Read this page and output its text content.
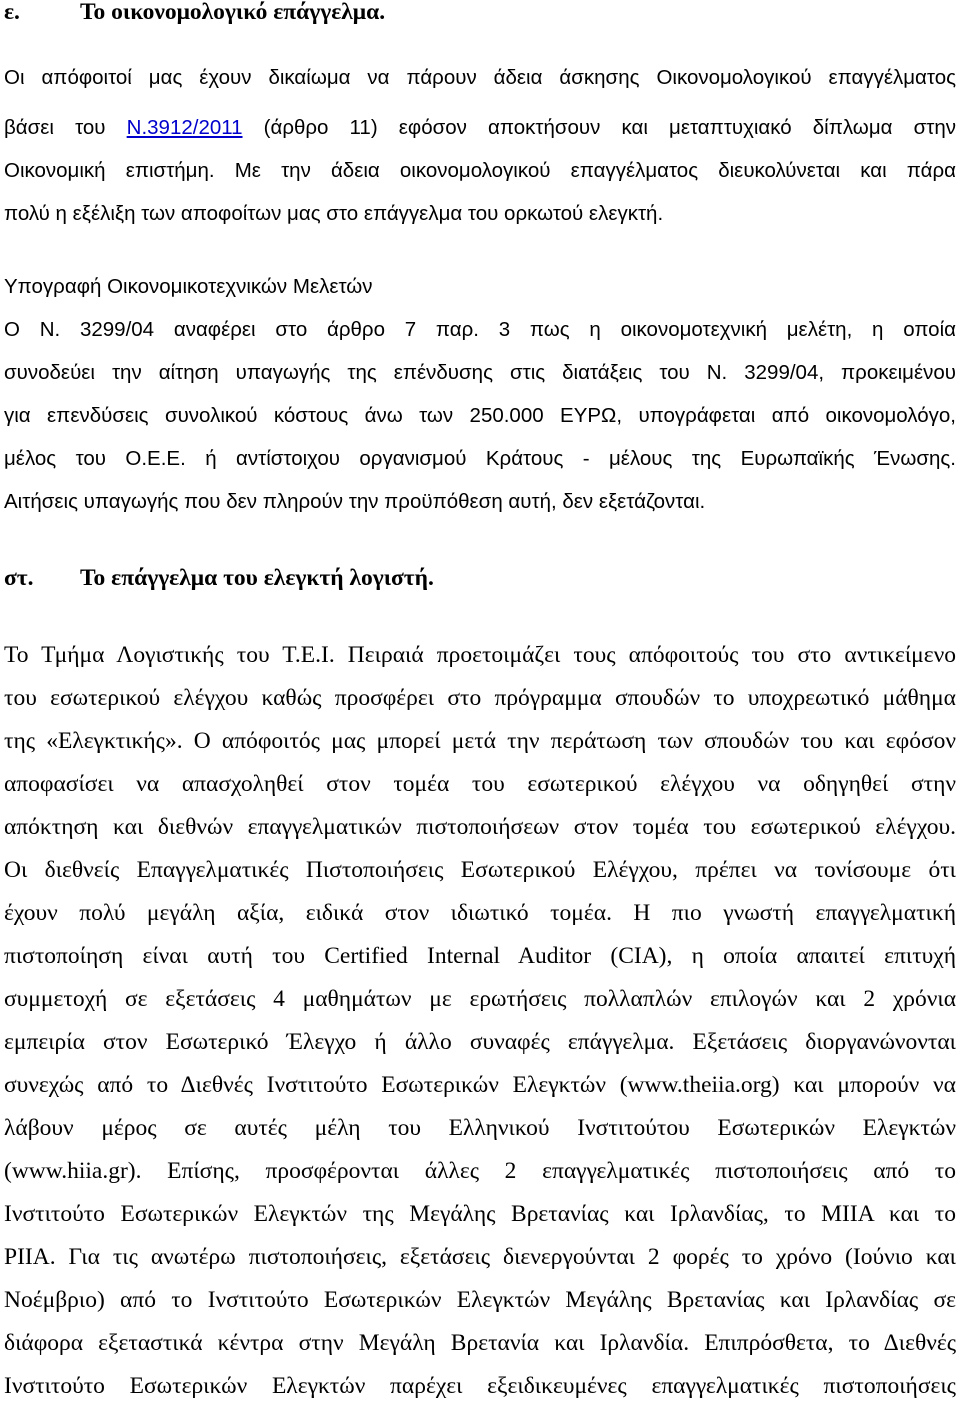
ε.	Το οικονομολογικό επάγγελμα.
Οι απόφοιτοί μας έχουν δικαίωμα να πάρουν άδεια άσκησης Οικονομολογικού επαγγέλματος
βάσει του Ν.3912/2011 (άρθρο 11) εφόσον αποκτήσουν και μεταπτυχιακό δίπλωμα στην
Οικονομική επιστήμη. Με την άδεια οικονομολογικού επαγγέλματος διευκολύνεται και πάρα
πολύ η εξέλιξη των αποφοίτων μας στο επάγγελμα του ορκωτού ελεγκτή.
Υπογραφή Οικονομικοτεχνικών Μελετών
Ο Ν. 3299/04 αναφέρει στο άρθρο 7 παρ. 3 πως η οικονομοτεχνική μελέτη, η οποία
συνοδεύει την αίτηση υπαγωγής της επένδυσης στις διατάξεις του Ν. 3299/04, προκειμένου
για επενδύσεις συνολικού κόστους άνω των 250.000 ΕΥΡΩ, υπογράφεται από οικονομολόγο,
μέλος του Ο.Ε.Ε. ή αντίστοιχου οργανισμού Κράτους - μέλους της Ευρωπαϊκής Ένωσης.
Αιτήσεις υπαγωγής που δεν πληρούν την προϋπόθεση αυτή, δεν εξετάζονται.
στ. Το επάγγελμα του ελεγκτή λογιστή.
Το Τμήμα Λογιστικής του Τ.Ε.Ι. Πειραιά προετοιμάζει τους απόφοιτούς του στο αντικείμενο
του εσωτερικού ελέγχου καθώς προσφέρει στο πρόγραμμα σπουδών το υποχρεωτικό μάθημα
της «Ελεγκτικής». Ο απόφοιτός μας μπορεί μετά την περάτωση των σπουδών του και εφόσον
αποφασίσει να απασχοληθεί στον τομέα του εσωτερικού ελέγχου να οδηγηθεί στην
απόκτηση και διεθνών επαγγελματικών πιστοποιήσεων στον τομέα του εσωτερικού ελέγχου.
Οι διεθνείς Επαγγελματικές Πιστοποιήσεις Εσωτερικού Ελέγχου, πρέπει να τονίσουμε ότι
έχουν πολύ μεγάλη αξία, ειδικά στον ιδιωτικό τομέα. Η πιο γνωστή επαγγελματική
πιστοποίηση είναι αυτή του Certified Internal Auditor (CIA), η οποία απαιτεί επιτυχή
συμμετοχή σε εξετάσεις 4 μαθημάτων με ερωτήσεις πολλαπλών επιλογών και 2 χρόνια
εμπειρία στον Εσωτερικό Έλεγχο ή άλλο συναφές επάγγελμα. Εξετάσεις διοργανώνονται
συνεχώς από το Διεθνές Ινστιτούτο Εσωτερικών Ελεγκτών (www.theiia.org) και μπορούν να
λάβουν μέρος σε αυτές μέλη του Ελληνικού Ινστιτούτου Εσωτερικών Ελεγκτών
(www.hiia.gr). Επίσης, προσφέρονται άλλες 2 επαγγελματικές πιστοποιήσεις από το
Ινστιτούτο Εσωτερικών Ελεγκτών της Μεγάλης Βρετανίας και Ιρλανδίας, το MIIA και το
PIIA. Για τις ανωτέρω πιστοποιήσεις, εξετάσεις διενεργούνται 2 φορές το χρόνο (Ιούνιο και
Νοέμβριο) από το Ινστιτούτο Εσωτερικών Ελεγκτών Μεγάλης Βρετανίας και Ιρλανδίας σε
διάφορα εξεταστικά κέντρα στην Μεγάλη Βρετανία και Ιρλανδία. Επιπρόσθετα, το Διεθνές
Ινστιτούτο Εσωτερικών Ελεγκτών παρέχει εξειδικευμένες επαγγελματικές πιστοποιήσεις
